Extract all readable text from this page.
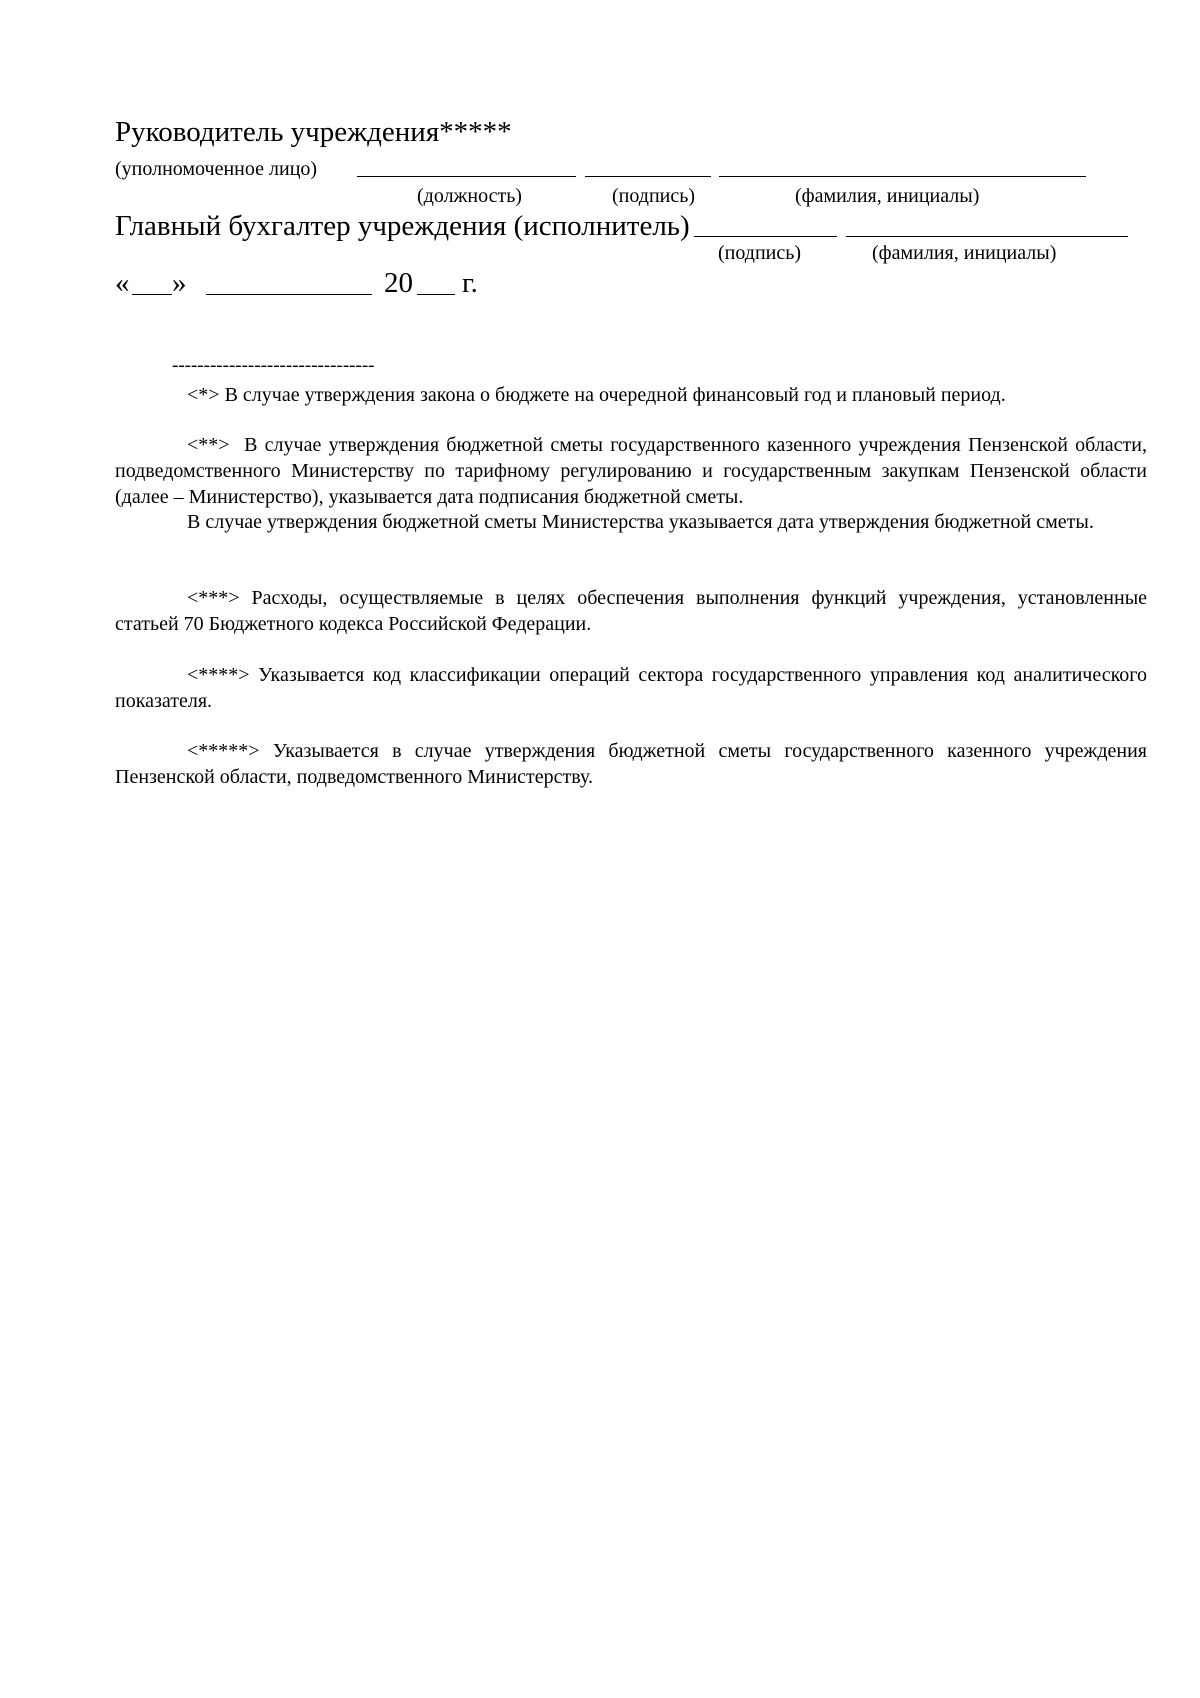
Руководитель учреждения*****
(уполномоченное лицо)
(должность)	(подпись)	(фамилия, инициалы)
Главный бухгалтер учреждения (исполнитель)
(подпись)	(фамилия, инициалы)
« »	20 г.
--------------------------------
<*> В случае утверждения закона о бюджете на очередной финансовый год и плановый период.
<**> В случае утверждения бюджетной сметы государственного казенного учреждения Пензенской области, подведомственного Министерству по тарифному регулированию и государственным закупкам Пензенской области (далее – Министерство), указывается дата подписания бюджетной сметы.
В случае утверждения бюджетной сметы Министерства указывается дата утверждения бюджетной сметы.
<***> Расходы, осуществляемые в целях обеспечения выполнения функций учреждения, установленные статьей 70 Бюджетного кодекса Российской Федерации.
<****> Указывается код классификации операций сектора государственного управления код аналитического показателя.
<*****> Указывается в случае утверждения бюджетной сметы государственного казенного учреждения Пензенской области, подведомственного Министерству.
